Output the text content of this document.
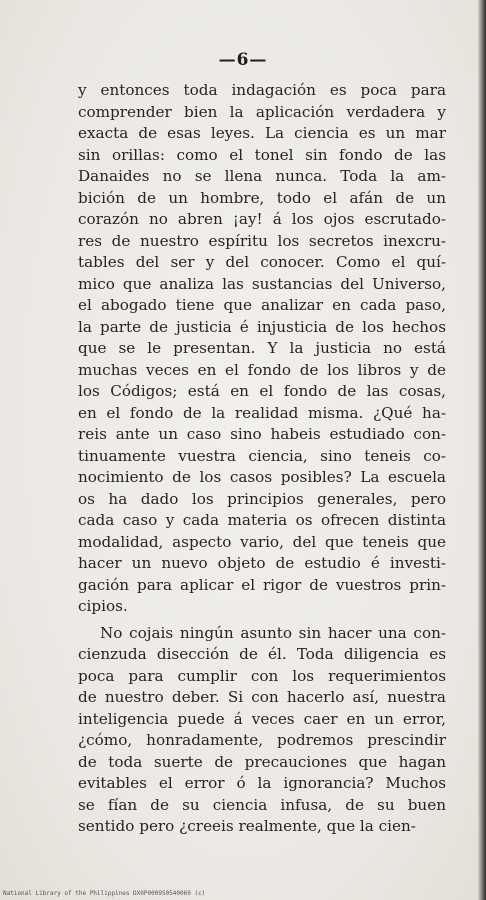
—6—
y entonces toda indagación es poca para
comprender bien la aplicación verdadera y
exacta de esas leyes. La ciencia es un mar
sin orillas: como el tonel sin fondo de las
Danaides no se llena nunca. Toda la am-
bición de un hombre, todo el afán de un
corazón no abren ¡ay! á los ojos escrutado-
res de nuestro espíritu los secretos inexcru-
tables del ser y del conocer. Como el quí-
mico que analiza las sustancias del Universo,
el abogado tiene que analizar en cada paso,
la parte de justicia é injusticia de los hechos
que se le presentan. Y la justicia no está
muchas veces en el fondo de los libros y de
los Códigos; está en el fondo de las cosas,
en el fondo de la realidad misma. ¿Qué ha-
reis ante un caso sino habeis estudiado con-
tinuamente vuestra ciencia, sino teneis co-
nocimiento de los casos posibles? La escuela
os ha dado los principios generales, pero
cada caso y cada materia os ofrecen distinta
modalidad, aspecto vario, del que teneis que
hacer un nuevo objeto de estudio é investi-
gación para aplicar el rigor de vuestros prin-
cipios.
No cojais ningún asunto sin hacer una con-
cienzuda disección de él. Toda diligencia es
poca para cumplir con los requerimientos
de nuestro deber. Si con hacerlo así, nuestra
inteligencia puede á veces caer en un error,
¿cómo, honradamente, podremos prescindir
de toda suerte de precauciones que hagan
evitables el error ó la ignorancia? Muchos
se fían de su ciencia infusa, de su buen
sentido pero ¿creeis realmente, que la cien-
National Library of the Philippines DX0P000950540069 (c)
